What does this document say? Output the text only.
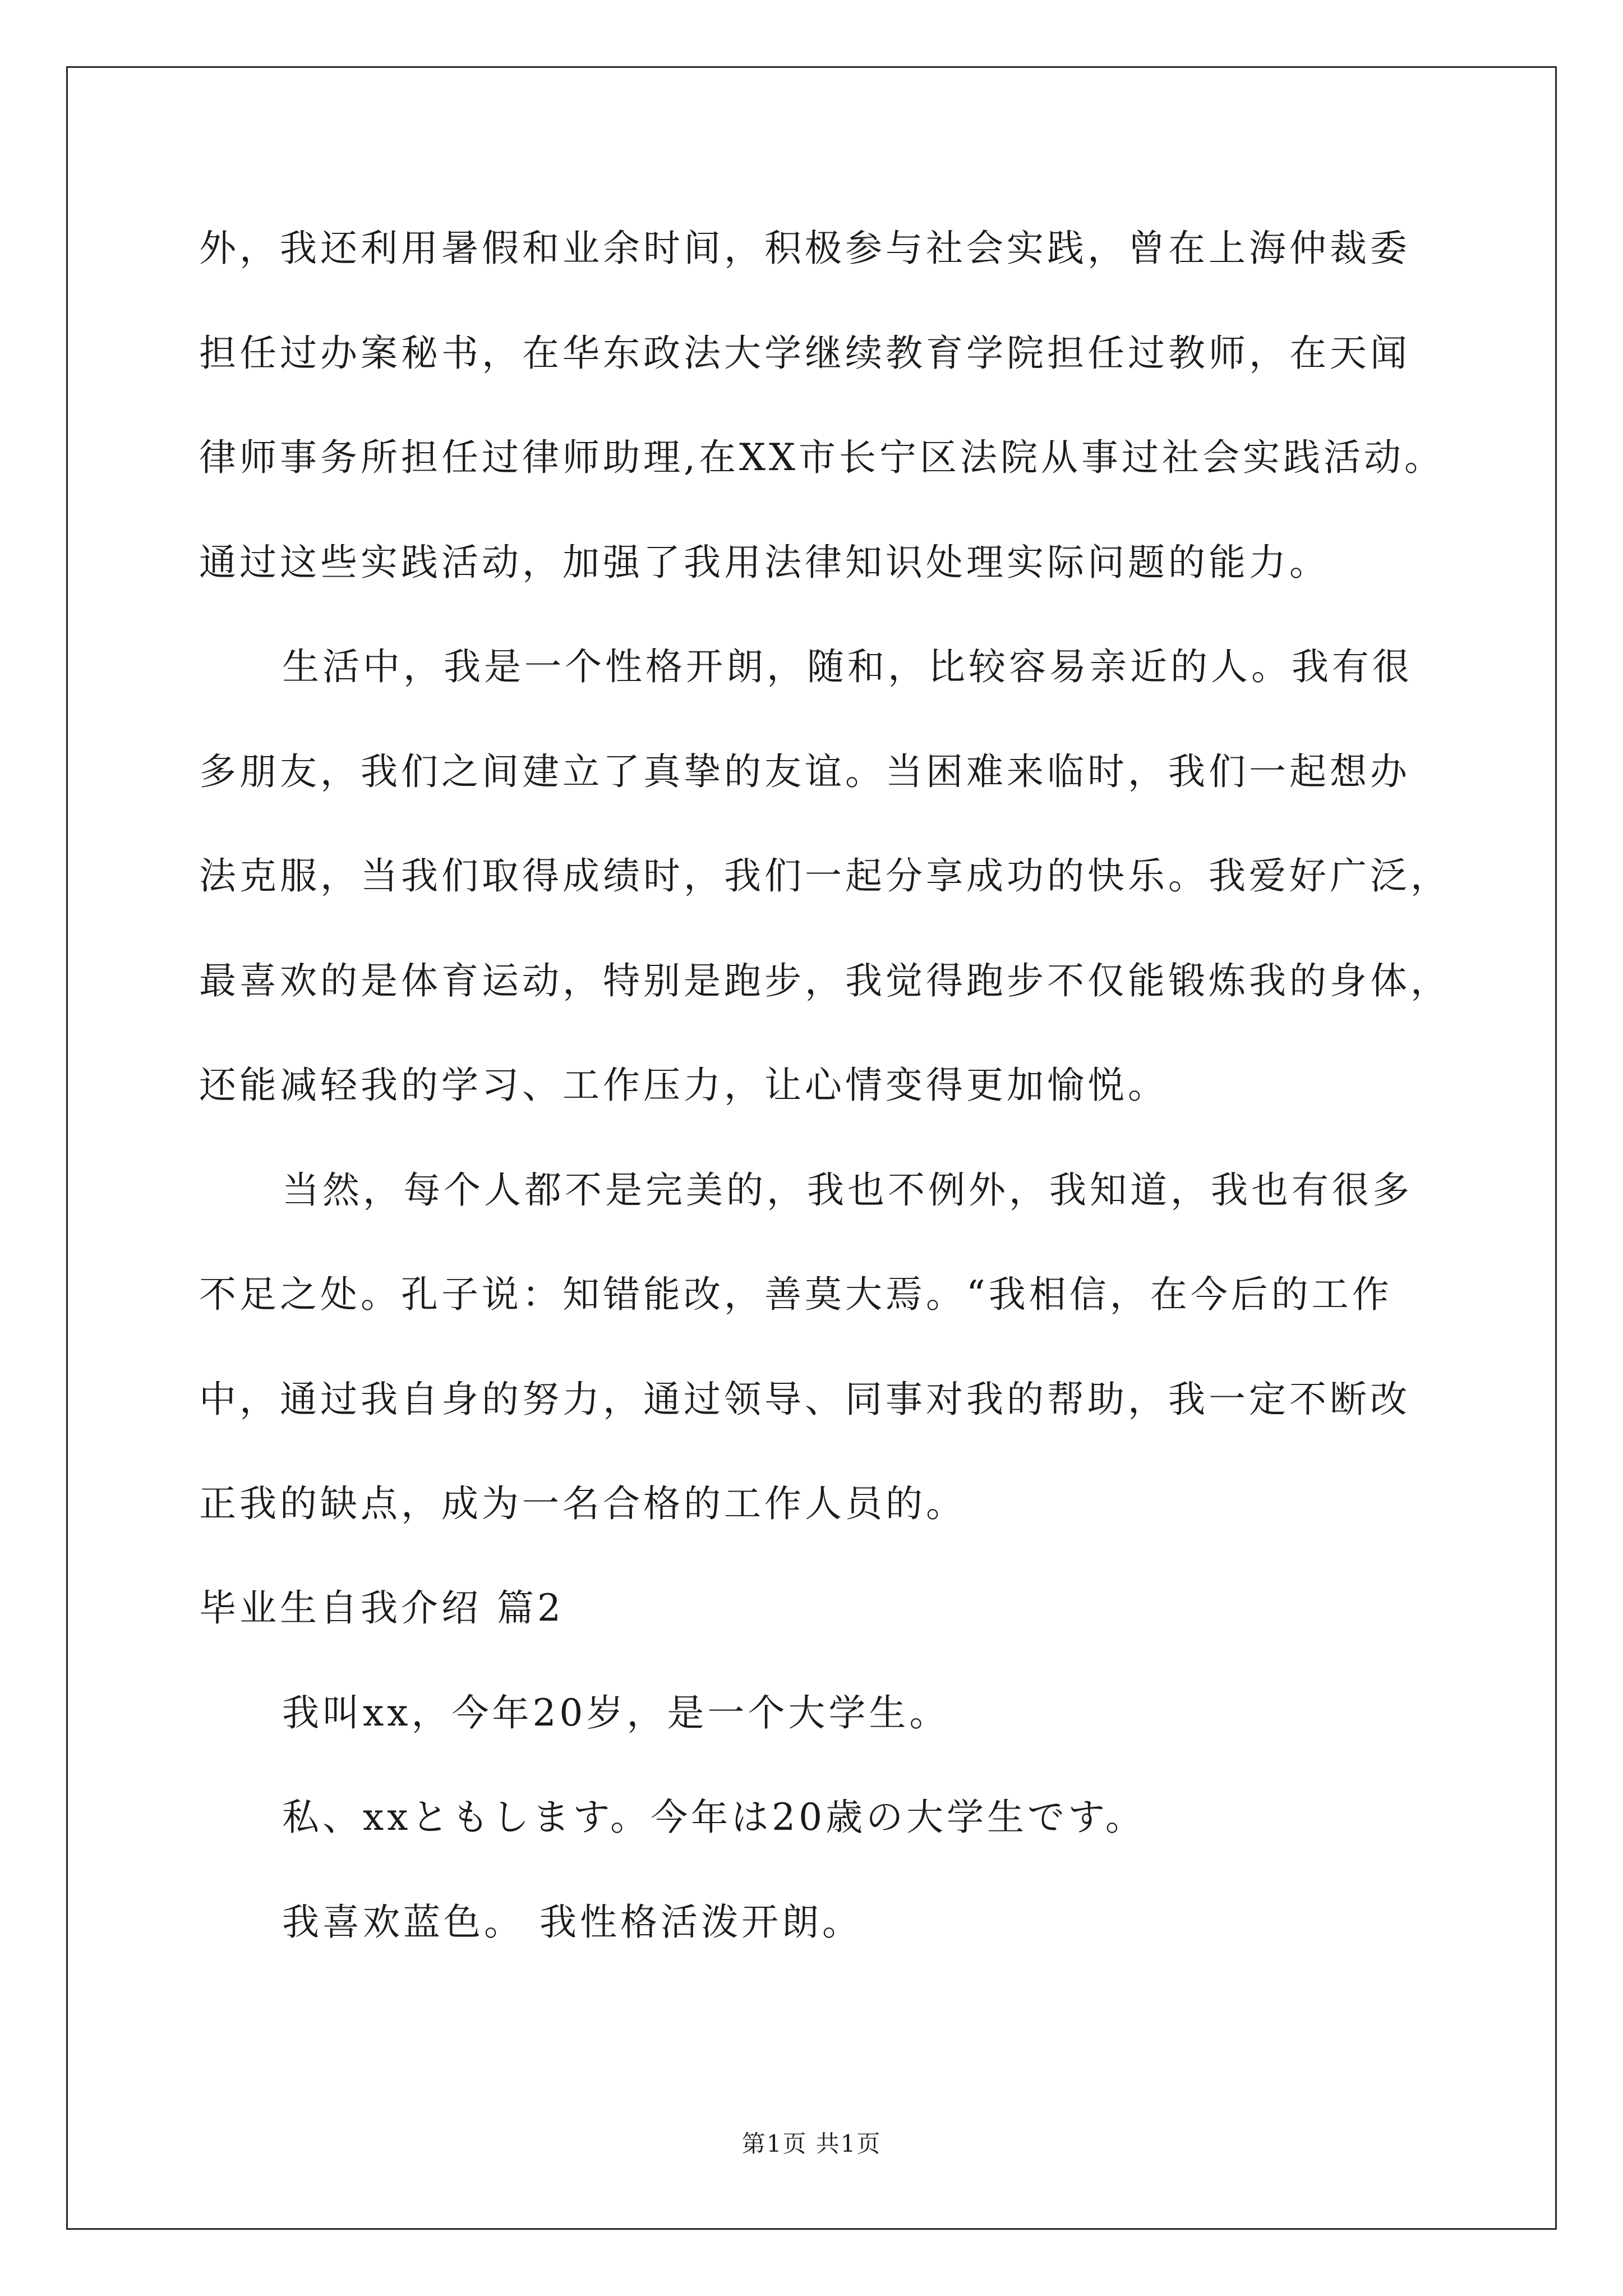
外，我还利用暑假和业余时间，积极参与社会实践，曾在上海仲裁委
担任过办案秘书，在华东政法大学继续教育学院担任过教师，在天闻
律师事务所担任过律师助理,在XX市长宁区法院从事过社会实践活动。
通过这些实践活动，加强了我用法律知识处理实际问题的能力。
生活中，我是一个性格开朗，随和，比较容易亲近的人。我有很
多朋友，我们之间建立了真挚的友谊。当困难来临时，我们一起想办
法克服，当我们取得成绩时，我们一起分享成功的快乐。我爱好广泛，
最喜欢的是体育运动，特别是跑步，我觉得跑步不仅能锻炼我的身体，
还能减轻我的学习、工作压力，让心情变得更加愉悦。
当然，每个人都不是完美的，我也不例外，我知道，我也有很多
不足之处。孔子说：知错能改，善莫大焉。“我相信，在今后的工作
中，通过我自身的努力，通过领导、同事对我的帮助，我一定不断改
正我的缺点，成为一名合格的工作人员的。
毕业生自我介绍 篇2
我叫xx，今年20岁，是一个大学生。
私、xxともします。今年は20歳の大学生です。
我喜欢蓝色。 我性格活泼开朗。
第1页 共1页
